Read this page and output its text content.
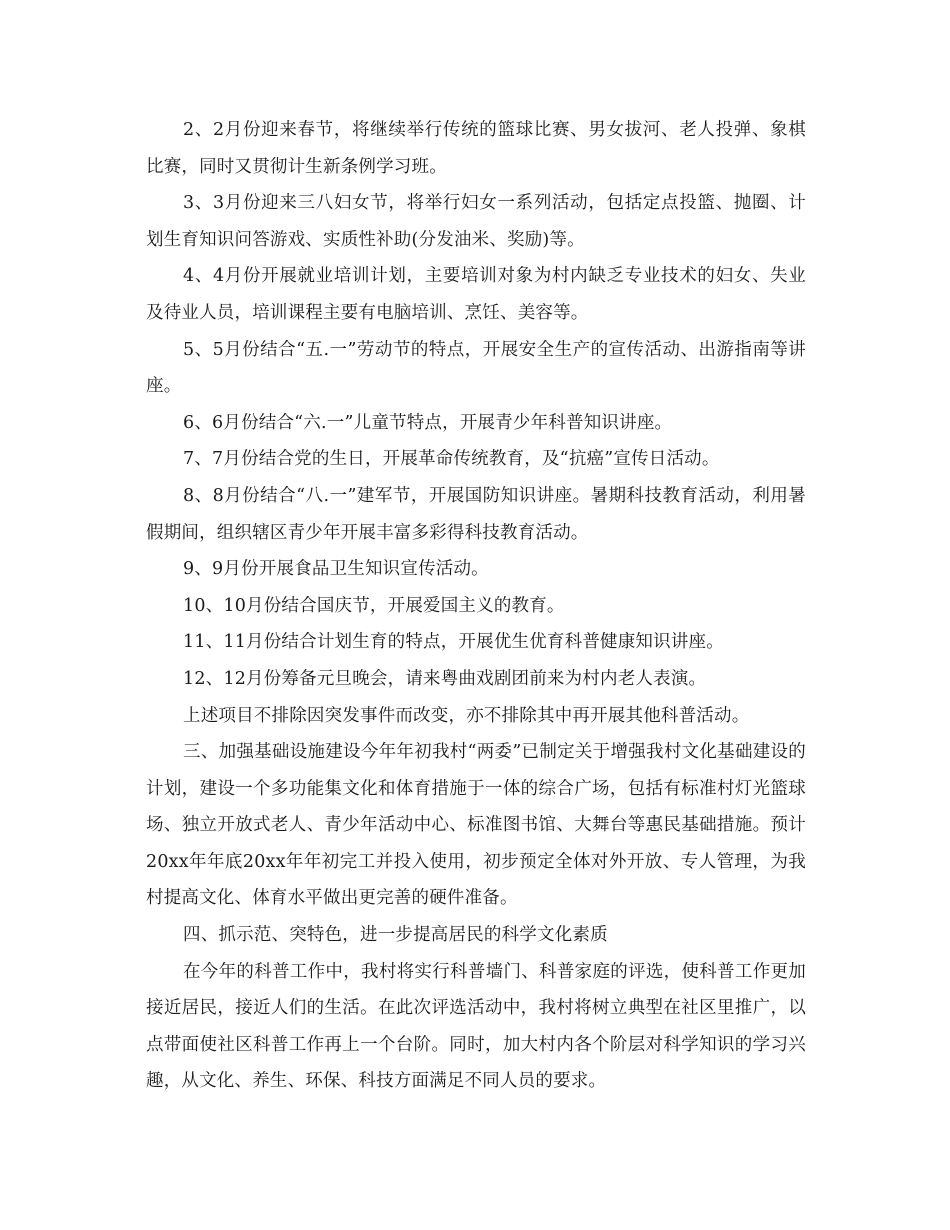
2、2月份迎来春节，将继续举行传统的篮球比赛、男女拔河、老人投弹、象棋比赛，同时又贯彻计生新条例学习班。

3、3月份迎来三八妇女节，将举行妇女一系列活动，包括定点投篮、抛圈、计划生育知识问答游戏、实质性补助(分发油米、奖励)等。

4、4月份开展就业培训计划，主要培训对象为村内缺乏专业技术的妇女、失业及待业人员，培训课程主要有电脑培训、烹饪、美容等。

5、5月份结合“五.一”劳动节的特点，开展安全生产的宣传活动、出游指南等讲座。

6、6月份结合“六.一”儿童节特点，开展青少年科普知识讲座。

7、7月份结合党的生日，开展革命传统教育，及“抗癌”宣传日活动。

8、8月份结合“八.一”建军节，开展国防知识讲座。暑期科技教育活动，利用暑假期间，组织辖区青少年开展丰富多彩得科技教育活动。

9、9月份开展食品卫生知识宣传活动。

10、10月份结合国庆节，开展爱国主义的教育。

11、11月份结合计划生育的特点，开展优生优育科普健康知识讲座。

12、12月份筹备元旦晚会，请来粤曲戏剧团前来为村内老人表演。

上述项目不排除因突发事件而改变，亦不排除其中再开展其他科普活动。

三、加强基础设施建设今年年初我村“两委”已制定关于增强我村文化基础建设的计划，建设一个多功能集文化和体育措施于一体的综合广场，包括有标准村灯光篮球场、独立开放式老人、青少年活动中心、标准图书馆、大舞台等惠民基础措施。预计20xx年年底20xx年年初完工并投入使用，初步预定全体对外开放、专人管理，为我村提高文化、体育水平做出更完善的硬件准备。

四、抓示范、突特色，进一步提高居民的科学文化素质

在今年的科普工作中，我村将实行科普墙门、科普家庭的评选，使科普工作更加接近居民，接近人们的生活。在此次评选活动中，我村将树立典型在社区里推广，以点带面使社区科普工作再上一个台阶。同时，加大村内各个阶层对科学知识的学习兴趣，从文化、养生、环保、科技方面满足不同人员的要求。
